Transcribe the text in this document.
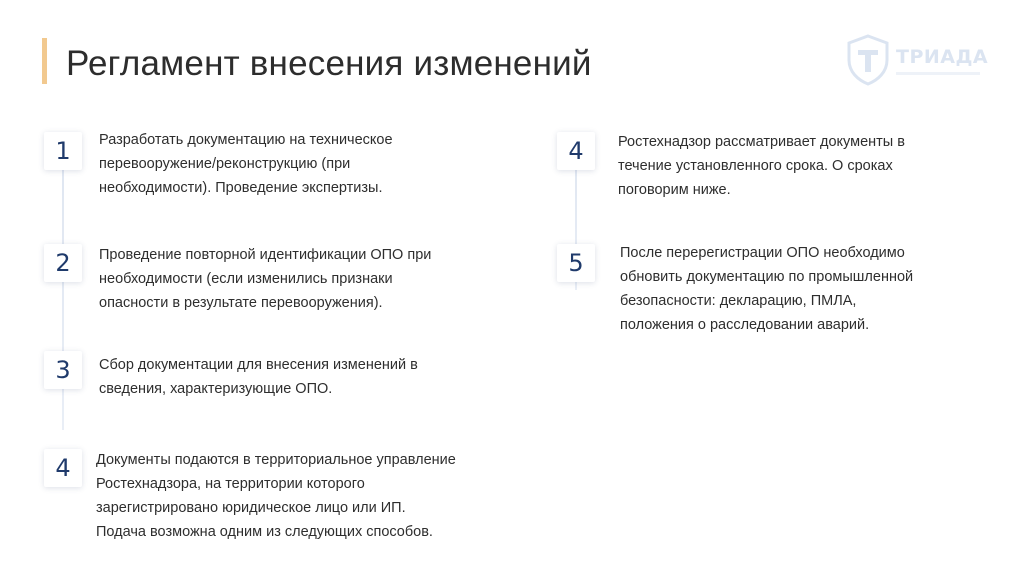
Регламент внесения изменений	ТРИАДА
1 Разработать документацию на техническое
перевооружение/реконструкцию (при
необходимости). Проведение экспертизы.
2 Проведение повторной идентификации ОПО при
необходимости (если изменились признаки
опасности в результате перевооружения).
3 Сбор документации для внесения изменений в
сведения, характеризующие ОПО.
4 Документы подаются в территориальное управление
Ростехнадзора, на территории которого
зарегистрировано юридическое лицо или ИП.
Подача возможна одним из следующих способов.
4 Ростехнадзор рассматривает документы в
течение установленного срока. О сроках
поговорим ниже.
5	После перерегистрации ОПО необходимо
обновить документацию по промышленной
безопасности: декларацию, ПМЛА,
положения о расследовании аварий.
